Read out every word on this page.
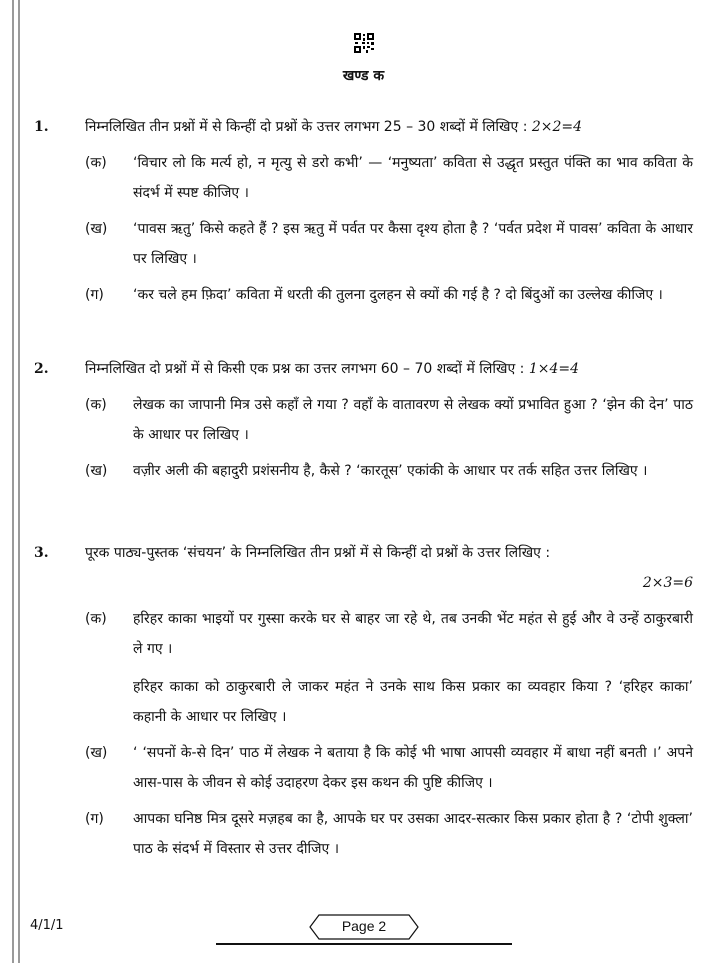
खण्ड क
1.	निम्नलिखित तीन प्रश्नों में से किन्हीं दो प्रश्नों के उत्तर लगभग 25 – 30 शब्दों में लिखिए : 2×2=4
(क) ‘विचार लो कि मर्त्य हो, न मृत्यु से डरो कभी’ — ‘मनुष्यता’ कविता से उद्धृत प्रस्तुत पंक्ति का भाव कविता के संदर्भ में स्पष्ट कीजिए ।
(ख) ‘पावस ऋतु’ किसे कहते हैं ? इस ऋतु में पर्वत पर कैसा दृश्य होता है ? ‘पर्वत प्रदेश में पावस’ कविता के आधार पर लिखिए ।
(ग) ‘कर चले हम फ़िदा’ कविता में धरती की तुलना दुलहन से क्यों की गई है ? दो बिंदुओं का उल्लेख कीजिए ।
2.	निम्नलिखित दो प्रश्नों में से किसी एक प्रश्न का उत्तर लगभग 60 – 70 शब्दों में लिखिए : 1×4=4
(क) लेखक का जापानी मित्र उसे कहाँ ले गया ? वहाँ के वातावरण से लेखक क्यों प्रभावित हुआ ? ‘झेन की देन’ पाठ के आधार पर लिखिए ।
(ख) वज़ीर अली की बहादुरी प्रशंसनीय है, कैसे ? ‘कारतूस’ एकांकी के आधार पर तर्क सहित उत्तर लिखिए ।
3.	पूरक पाठ्य-पुस्तक ‘संचयन’ के निम्नलिखित तीन प्रश्नों में से किन्हीं दो प्रश्नों के उत्तर लिखिए :
2×3=6
(क) हरिहर काका भाइयों पर गुस्सा करके घर से बाहर जा रहे थे, तब उनकी भेंट महंत से हुई और वे उन्हें ठाकुरबारी ले गए ।
हरिहर काका को ठाकुरबारी ले जाकर महंत ने उनके साथ किस प्रकार का व्यवहार किया ? ‘हरिहर काका’ कहानी के आधार पर लिखिए ।
(ख) ‘ ‘सपनों के-से दिन’ पाठ में लेखक ने बताया है कि कोई भी भाषा आपसी व्यवहार में बाधा नहीं बनती ।’ अपने आस-पास के जीवन से कोई उदाहरण देकर इस कथन की पुष्टि कीजिए ।
(ग) आपका घनिष्ठ मित्र दूसरे मज़हब का है, आपके घर पर उसका आदर-सत्कार किस प्रकार होता है ? ‘टोपी शुक्ला’ पाठ के संदर्भ में विस्तार से उत्तर दीजिए ।
4/1/1	Page 2
